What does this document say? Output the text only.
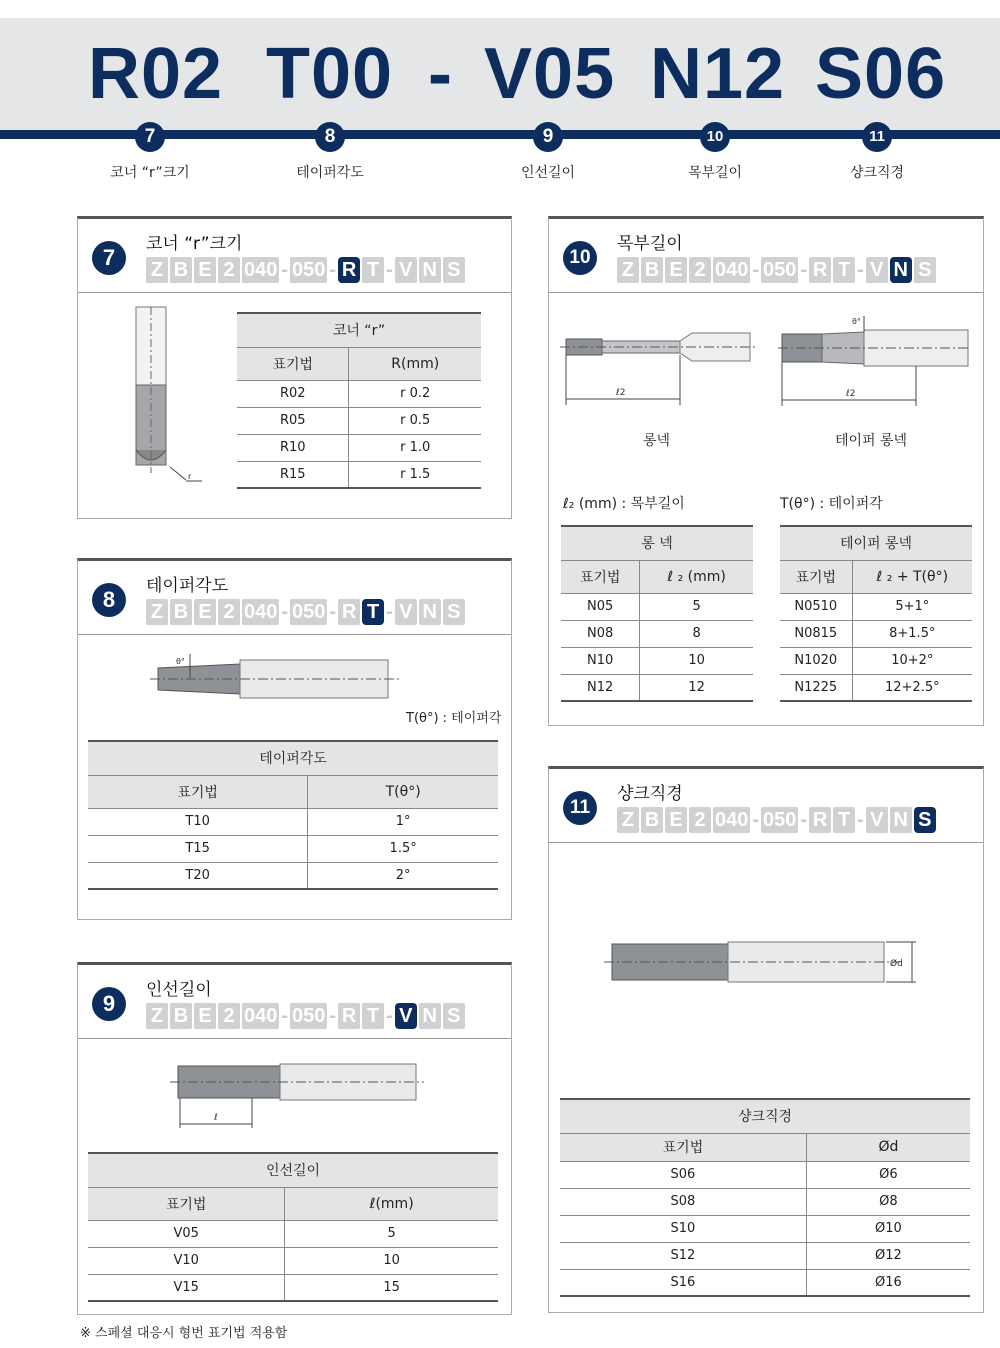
R02 T00 - V05 N12 S06
7	8	9	10	11
코너 “r”크기	테이퍼각도	인선길이	목부길이	샹크직경
7
코너 “r”크기
Z B E 2 040 - 050 - R T - V N S
r
코너 “r”	
표기법	R(mm)
R02	r 0.2
R05	r 0.5
R10	r 1.0
R15	r 1.5
8
테이퍼각도
Z B E 2 040 - 050 - R T - V N S
θ°
T(θ°) : 테이퍼각
테이퍼각도	
표기법	T(θ°)
T10	1°
T15	1.5°
T20	2°
9
인선길이
Z B E 2 040 - 050 - R T - V N S
ℓ
인선길이	
표기법	ℓ(mm)
V05	5
V10	10
V15	15
10
목부길이
Z B E 2 040 - 050 - R T - V N S
ℓ2
θ°
ℓ2
롱넥	테이퍼 롱넥
ℓ₂ (mm) : 목부길이	T(θ°) : 테이퍼각
롱 넥	
표기법	ℓ ₂ (mm)
N05	5
N08	8
N10	10
N12	12
테이퍼 롱넥	
표기법	ℓ ₂ + T(θ°)
N0510	5+1°
N0815	8+1.5°
N1020	10+2°
N1225	12+2.5°
11
샹크직경
Z B E 2 040 - 050 - R T - V N S
Ød
샹크직경	
표기법	Ød
S06	Ø6
S08	Ø8
S10	Ø10
S12	Ø12
S16	Ø16
※ 스페셜 대응시 형번 표기법 적용함
